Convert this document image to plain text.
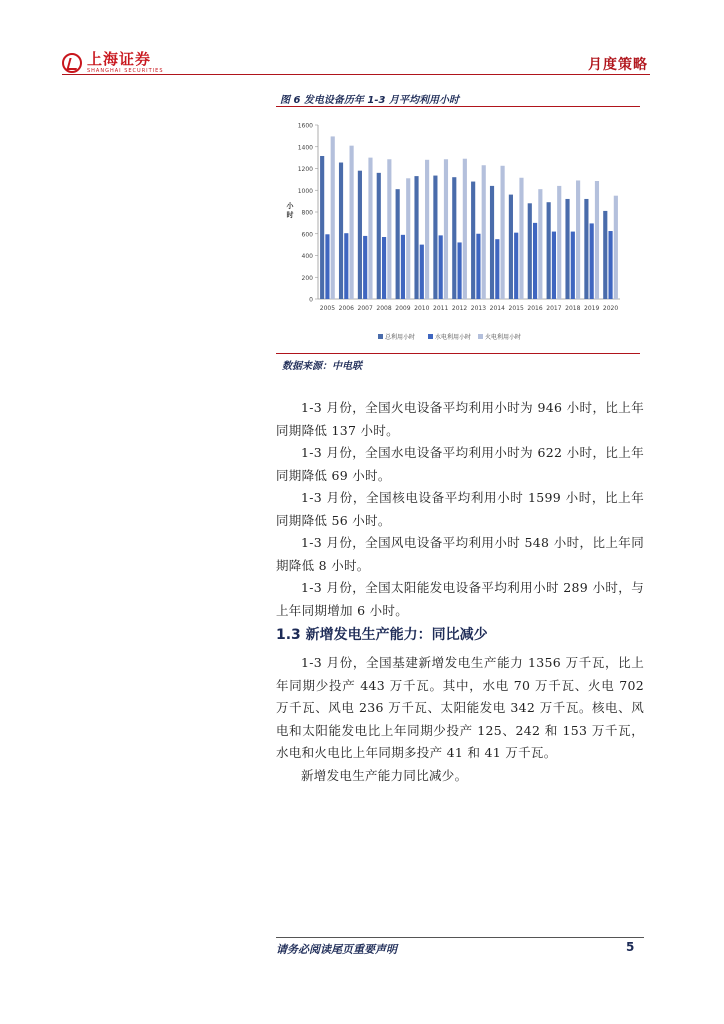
上海证券
SHANGHAI SECURITIES	月度策略
图 6 发电设备历年 1-3 月平均利用小时
0
200
400
600
800
1000
1200
1400
1600
小
时
2005 2006 2007 2008 2009 2010 2011 2012 2013 2014 2015 2016 2017 2018 2019 2020
总利用小时	水电利用小时 火电利用小时
数据来源：中电联

1-3 月份，全国火电设备平均利用小时为 946 小时，比上年同期降低 137 小时。

1-3 月份，全国水电设备平均利用小时为 622 小时，比上年同期降低 69 小时。

1-3 月份，全国核电设备平均利用小时 1599 小时，比上年同期降低 56 小时。

1-3 月份，全国风电设备平均利用小时 548 小时，比上年同期降低 8 小时。

1-3 月份，全国太阳能发电设备平均利用小时 289 小时，与上年同期增加 6 小时。

1.3 新增发电生产能力：同比减少

1-3 月份，全国基建新增发电生产能力 1356 万千瓦，比上年同期少投产 443 万千瓦。其中，水电 70 万千瓦、火电 702 万千瓦、风电 236 万千瓦、太阳能发电 342 万千瓦。核电、风电和太阳能发电比上年同期少投产 125、242 和 153 万千瓦，水电和火电比上年同期多投产 41 和 41 万千瓦。

新增发电生产能力同比减少。

请务必阅读尾页重要声明	5
